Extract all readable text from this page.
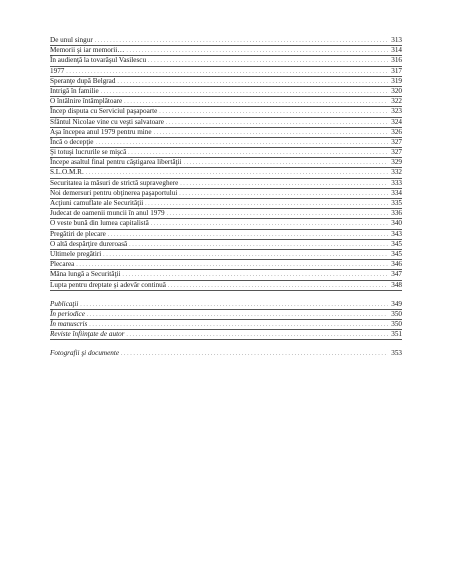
De unul singur . . .	313
Memorii şi iar memorii… . . .	314
În audienţă la tovarăşul Vasilescu . . .	316
1977 . . .	317
Speranţe după Belgrad . . .	319
Intrigă în familie . . .	320
O întâlnire întâmplătoare . . .	322
Încep disputa cu Serviciul paşapoarte . . .	323
Sfântul Nicolae vine cu veşti salvatoare . . .	324
Aşa începea anul 1979 pentru mine . . .	326
Încă o decepţie . . .	327
Şi totuşi lucrurile se mişcă . . .	327
Începe asaltul final pentru câştigarea libertăţii . . .	329
S.L.O.M.R. . . .	332
Securitatea ia măsuri de strictă supraveghere . . .	333
Noi demersuri pentru obţinerea paşaportului . . .	334
Acţiuni camuflate ale Securităţii . . .	335
Judecat de oamenii muncii în anul 1979 . . .	336
O veste bună din lumea capitalistă . . .	340
Pregătiri de plecare . . .	343
O altă despărţire dureroasă . . .	345
Ultimele pregătiri . . .	345
Plecarea . . .	346
Mâna lungă a Securităţii . . .	347
Lupta pentru dreptate şi adevăr continuă . . .	348
Publicaţii . . .	349
În periodice . . .	350
În manuscris . . .	350
Reviste înfiinţate de autor . . .	351
Fotografii şi documente . . .	353
